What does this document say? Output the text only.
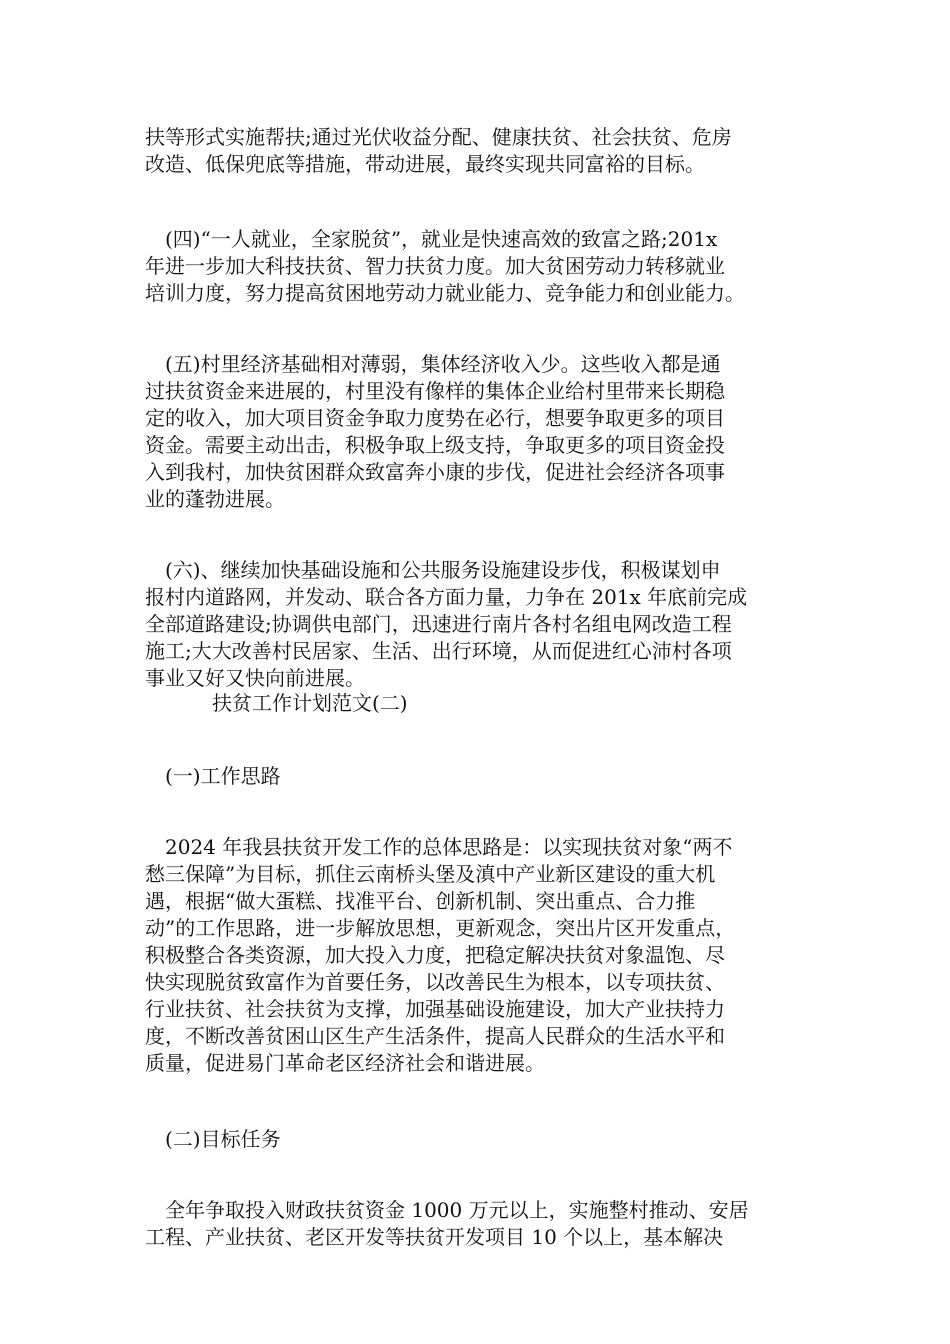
扶等形式实施帮扶;通过光伏收益分配、健康扶贫、社会扶贫、危房
改造、低保兜底等措施，带动进展，最终实现共同富裕的目标。
　(四)“一人就业，全家脱贫”，就业是快速高效的致富之路;201x
年进一步加大科技扶贫、智力扶贫力度。加大贫困劳动力转移就业
培训力度，努力提高贫困地劳动力就业能力、竞争能力和创业能力。
　(五)村里经济基础相对薄弱，集体经济收入少。这些收入都是通
过扶贫资金来进展的，村里没有像样的集体企业给村里带来长期稳
定的收入，加大项目资金争取力度势在必行，想要争取更多的项目
资金。需要主动出击，积极争取上级支持，争取更多的项目资金投
入到我村，加快贫困群众致富奔小康的步伐，促进社会经济各项事
业的蓬勃进展。
　(六)、继续加快基础设施和公共服务设施建设步伐，积极谋划申
报村内道路网，并发动、联合各方面力量，力争在 201x 年底前完成
全部道路建设;协调供电部门，迅速进行南片各村名组电网改造工程
施工;大大改善村民居家、生活、出行环境，从而促进红心沛村各项
事业又好又快向前进展。
扶贫工作计划范文(二)
　(一)工作思路
　2024 年我县扶贫开发工作的总体思路是：以实现扶贫对象“两不
愁三保障”为目标，抓住云南桥头堡及滇中产业新区建设的重大机
遇，根据“做大蛋糕、找准平台、创新机制、突出重点、合力推
动”的工作思路，进一步解放思想，更新观念，突出片区开发重点，
积极整合各类资源，加大投入力度，把稳定解决扶贫对象温饱、尽
快实现脱贫致富作为首要任务，以改善民生为根本，以专项扶贫、
行业扶贫、社会扶贫为支撑，加强基础设施建设，加大产业扶持力
度，不断改善贫困山区生产生活条件，提高人民群众的生活水平和
质量，促进易门革命老区经济社会和谐进展。
　(二)目标任务
　全年争取投入财政扶贫资金 1000 万元以上，实施整村推动、安居
工程、产业扶贫、老区开发等扶贫开发项目 10 个以上，基本解决
